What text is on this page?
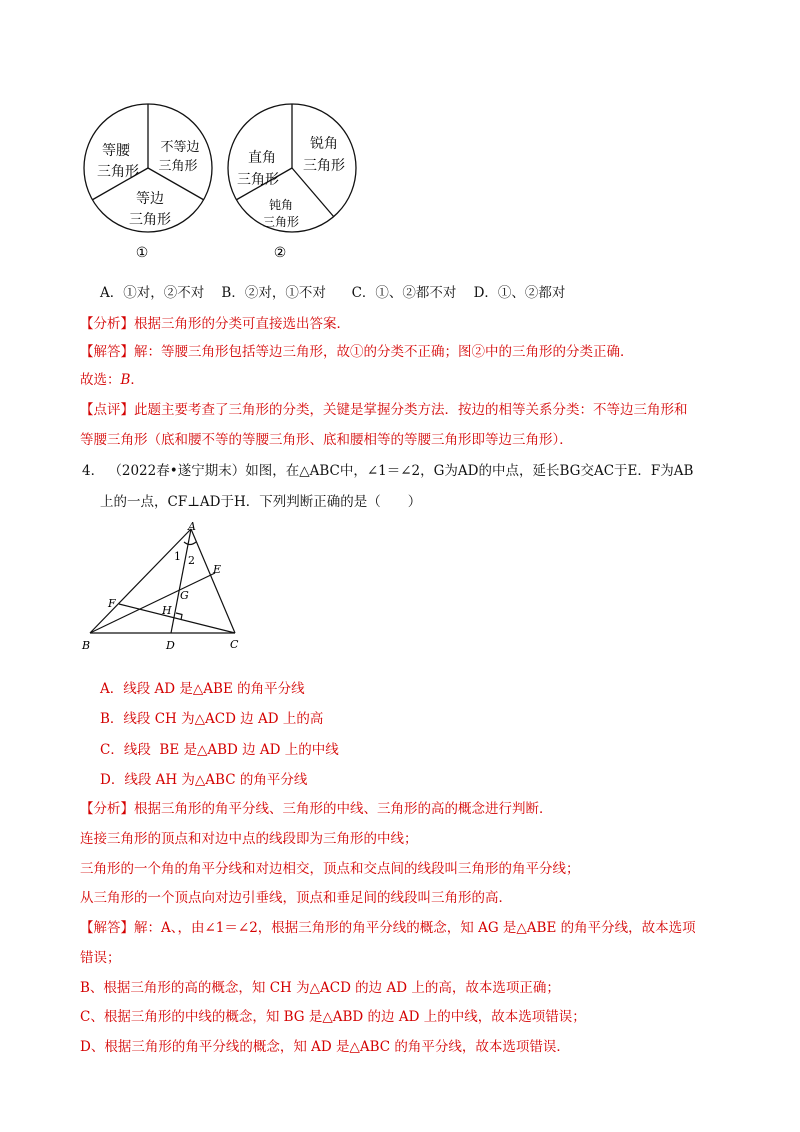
等腰
三角形
不等边
三角形
等边
三角形
①
直角
三角形
锐角
三角形
钝角
三角形
②
A．①对，②不对    B．②对，①不对      C．①、②都不对    D．①、②都对
【分析】根据三角形的分类可直接选出答案．
【解答】解：等腰三角形包括等边三角形，故①的分类不正确；图②中的三角形的分类正确．
故选：B．
【点评】此题主要考查了三角形的分类，关键是掌握分类方法．按边的相等关系分类：不等边三角形和
等腰三角形（底和腰不等的等腰三角形、底和腰相等的等腰三角形即等边三角形）．
4． （2022春•遂宁期末）如图，在△ABC中，∠1＝∠2，G为AD的中点，延长BG交AC于E．F为AB
上的一点，CF⊥AD于H．下列判断正确的是（　　）
A
B	C
D
E
F
G
H
1 2
A．线段 AD 是△ABE 的角平分线
B．线段 CH 为△ACD 边 AD 上的高
C．线段  BE 是△ABD 边 AD 上的中线
D．线段 AH 为△ABC 的角平分线
【分析】根据三角形的角平分线、三角形的中线、三角形的高的概念进行判断．
连接三角形的顶点和对边中点的线段即为三角形的中线；
三角形的一个角的角平分线和对边相交，顶点和交点间的线段叫三角形的角平分线；
从三角形的一个顶点向对边引垂线，顶点和垂足间的线段叫三角形的高．
【解答】解：A、，由∠1＝∠2，根据三角形的角平分线的概念，知 AG 是△ABE 的角平分线，故本选项
错误；
B、根据三角形的高的概念，知 CH 为△ACD 的边 AD 上的高，故本选项正确；
C、根据三角形的中线的概念，知 BG 是△ABD 的边 AD 上的中线，故本选项错误；
D、根据三角形的角平分线的概念，知 AD 是△ABC 的角平分线，故本选项错误．
